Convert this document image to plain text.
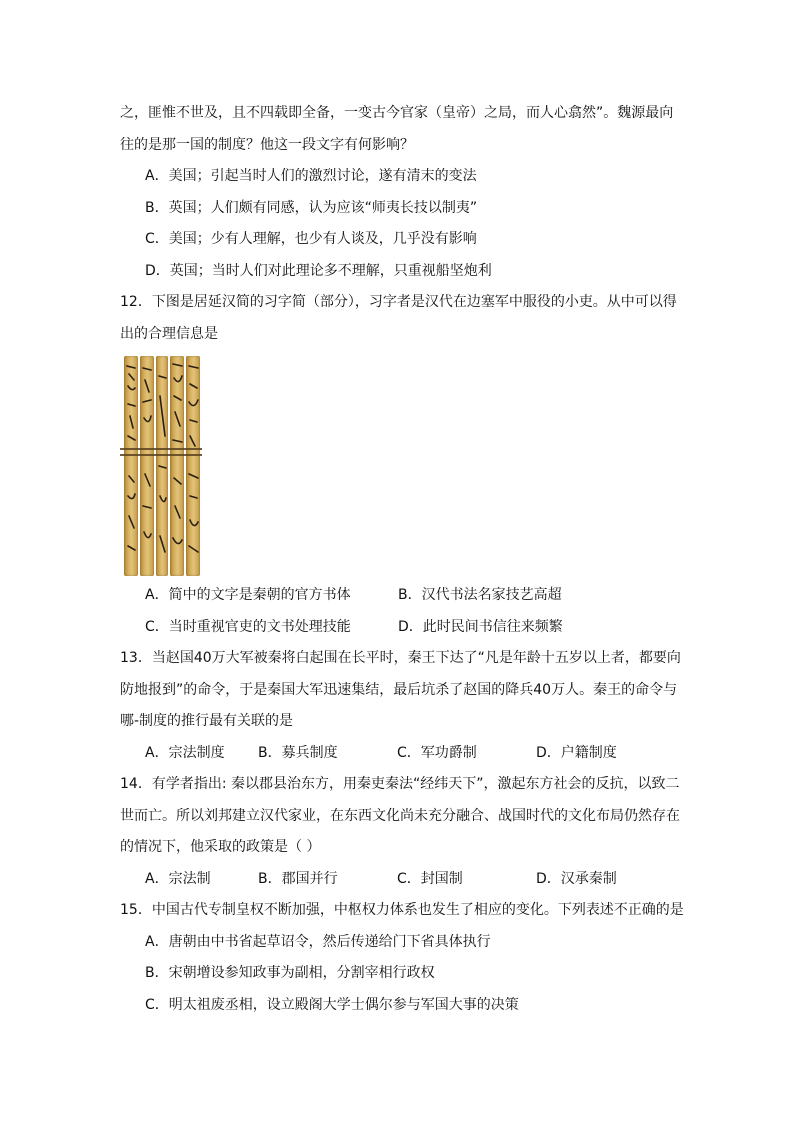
之，匪惟不世及，且不四载即全备，一变古今官家（皇帝）之局，而人心翕然”。魏源最向
往的是那一国的制度？他这一段文字有何影响？
A．美国；引起当时人们的激烈讨论，遂有清末的变法
B．英国；人们颇有同感，认为应该“师夷长技以制夷”
C．美国；少有人理解，也少有人谈及，几乎没有影响
D．英国；当时人们对此理论多不理解，只重视船坚炮利
12．下图是居延汉简的习字简（部分），习字者是汉代在边塞军中服役的小吏。从中可以得
出的合理信息是
A．简中的文字是秦朝的官方书体	B．汉代书法名家技艺高超
C．当时重视官吏的文书处理技能	D．此时民间书信往来频繁
13．当赵国40万大军被秦将白起围在长平时，秦王下达了“凡是年龄十五岁以上者，都要向
防地报到”的命令，于是秦国大军迅速集结，最后坑杀了赵国的降兵40万人。秦王的命令与
哪-制度的推行最有关联的是
A．宗法制度	B．募兵制度	C．军功爵制	D．户籍制度
14．有学者指出: 秦以郡县治东方，用秦吏秦法“经纬天下”，激起东方社会的反抗，以致二
世而亡。所以刘邦建立汉代家业，在东西文化尚未充分融合、战国时代的文化布局仍然存在
的情况下，他采取的政策是（ ）
A．宗法制	B．郡国并行	C．封国制	D．汉承秦制
15．中国古代专制皇权不断加强，中枢权力体系也发生了相应的变化。下列表述不正确的是
A．唐朝由中书省起草诏令，然后传递给门下省具体执行
B．宋朝增设参知政事为副相，分割宰相行政权
C．明太祖废丞相，设立殿阁大学士偶尔参与军国大事的决策
